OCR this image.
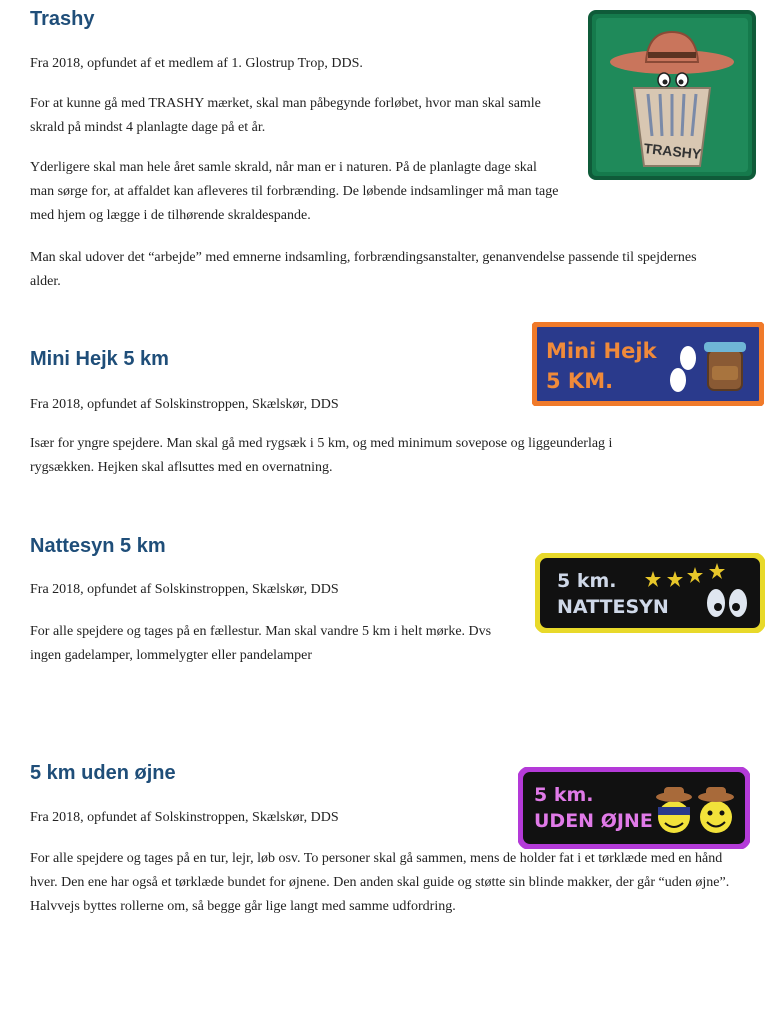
Trashy

Fra 2018, opfundet af et medlem af 1. Glostrup Trop, DDS.

For at kunne gå med TRASHY mærket, skal man påbegynde forløbet, hvor man skal samle skrald på mindst 4 planlagte dage på et år.

Yderligere skal man hele året samle skrald, når man er i naturen. På de planlagte dage skal man sørge for, at affaldet kan afleveres til forbrænding. De løbende indsamlinger må man tage med hjem og lægge i de tilhørende skraldespande.

Man skal udover det “arbejde” med emnerne indsamling, forbrændingsanstalter, genanvendelse passende til spejdernes alder.

TRASHY
Mini Hejk 5 km

Fra 2018, opfundet af Solskinstroppen, Skælskør, DDS

Især for yngre spejdere. Man skal gå med rygsæk i 5 km, og med minimum sovepose og liggeunderlag i rygsækken. Hejken skal aflsuttes med en overnatning.

Mini Hejk
5 KM.
Nattesyn 5 km

Fra 2018, opfundet af Solskinstroppen, Skælskør, DDS

For alle spejdere og tages på en fællestur. Man skal vandre 5 km i helt mørke. Dvs ingen gadelamper, lommelygter eller pandelamper

5 km.
NATTESYN
5 km uden øjne

Fra 2018, opfundet af Solskinstroppen, Skælskør, DDS

For alle spejdere og tages på en tur, lejr, løb osv. To personer skal gå sammen, mens de holder fat i et tørklæde med en hånd hver. Den ene har også et tørklæde bundet for øjnene. Den anden skal guide og støtte sin blinde makker, der går “uden øjne”. Halvvejs byttes rollerne om, så begge går lige langt med samme udfordring.

5 km.
UDEN ØJNE
